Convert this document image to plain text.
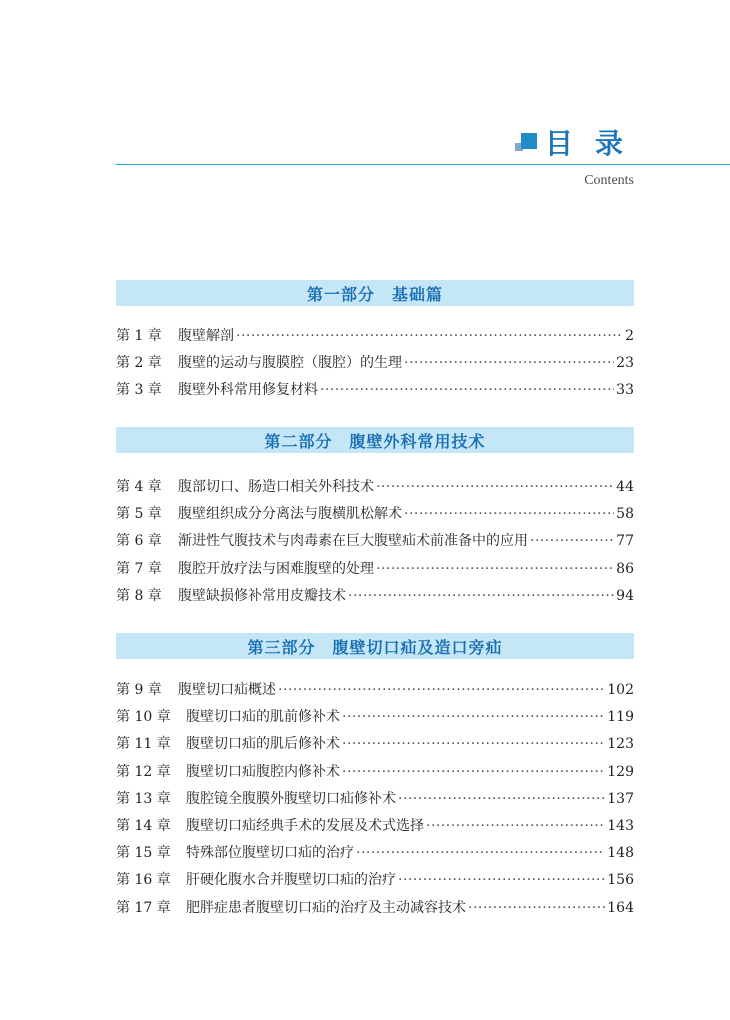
目录
Contents
第一部分　基础篇
第 1 章	腹壁解剖 ·····	2
第 2 章	腹壁的运动与腹膜腔（腹腔）的生理 ·····	23
第 3 章	腹壁外科常用修复材料 ·····	33
第二部分　腹壁外科常用技术
第 4 章	腹部切口、肠造口相关外科技术 ·····	44
第 5 章	腹壁组织成分分离法与腹横肌松解术 ·····	58
第 6 章	渐进性气腹技术与肉毒素在巨大腹壁疝术前准备中的应用 ·····	77
第 7 章	腹腔开放疗法与困难腹壁的处理 ·····	86
第 8 章	腹壁缺损修补常用皮瓣技术 ·····	94
第三部分　腹壁切口疝及造口旁疝
第 9 章	腹壁切口疝概述 ·····	102
第 10 章	腹壁切口疝的肌前修补术 ·····	119
第 11 章	腹壁切口疝的肌后修补术 ·····	123
第 12 章	腹壁切口疝腹腔内修补术 ·····	129
第 13 章	腹腔镜全腹膜外腹壁切口疝修补术 ·····	137
第 14 章	腹壁切口疝经典手术的发展及术式选择 ·····	143
第 15 章	特殊部位腹壁切口疝的治疗 ·····	148
第 16 章	肝硬化腹水合并腹壁切口疝的治疗 ·····	156
第 17 章	肥胖症患者腹壁切口疝的治疗及主动减容技术 ·····	164
